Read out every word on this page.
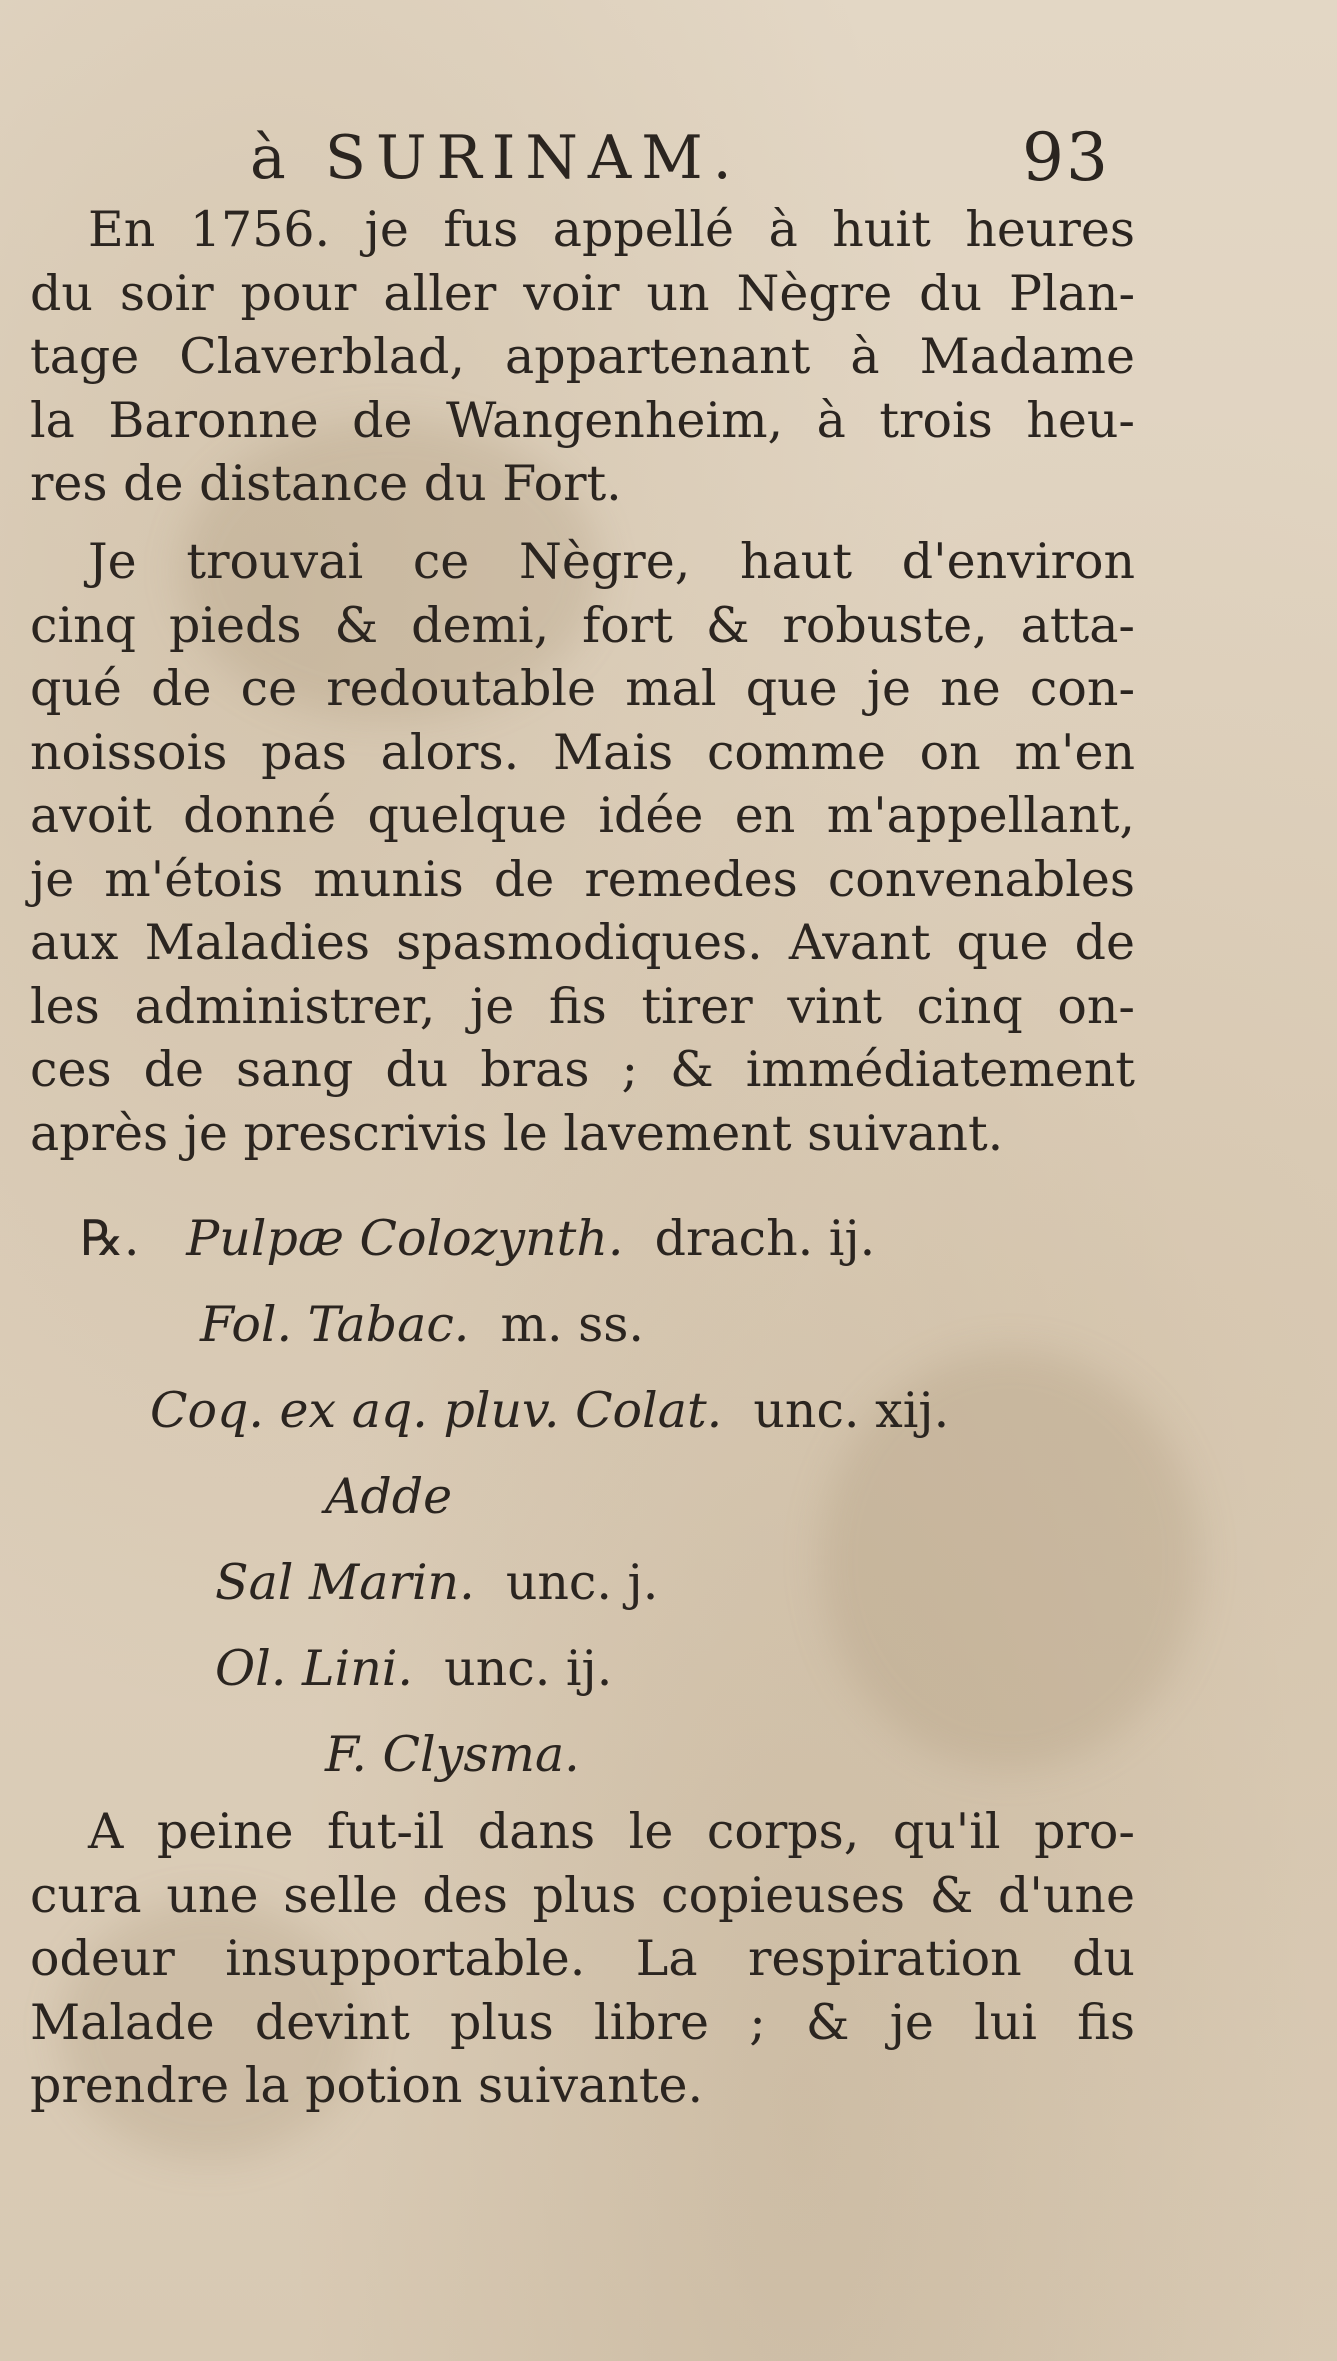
à SURINAM.	93
En 1756. je fus appellé à huit heures
du soir pour aller voir un Nègre du Plan-
tage Claverblad, appartenant à Madame
la Baronne de Wangenheim, à trois heu-
res de distance du Fort.
Je trouvai ce Nègre, haut d'environ
cinq pieds & demi, fort & robuste, atta-
qué de ce redoutable mal que je ne con-
noissois pas alors. Mais comme on m'en
avoit donné quelque idée en m'appellant,
je m'étois munis de remedes convenables
aux Maladies spasmodiques. Avant que de
les administrer, je fis tirer vint cinq on-
ces de sang du bras ; & immédiatement
après je prescrivis le lavement suivant.
℞. Pulpæ Colozynth. drach. ij.
Fol. Tabac. m. ss.
Coq. ex aq. pluv. Colat. unc. xij.
Adde
Sal Marin. unc. j.
Ol. Lini. unc. ij.
F. Clysma.
A peine fut-il dans le corps, qu'il pro-
cura une selle des plus copieuses & d'une
odeur insupportable. La respiration du
Malade devint plus libre ; & je lui fis
prendre la potion suivante.
